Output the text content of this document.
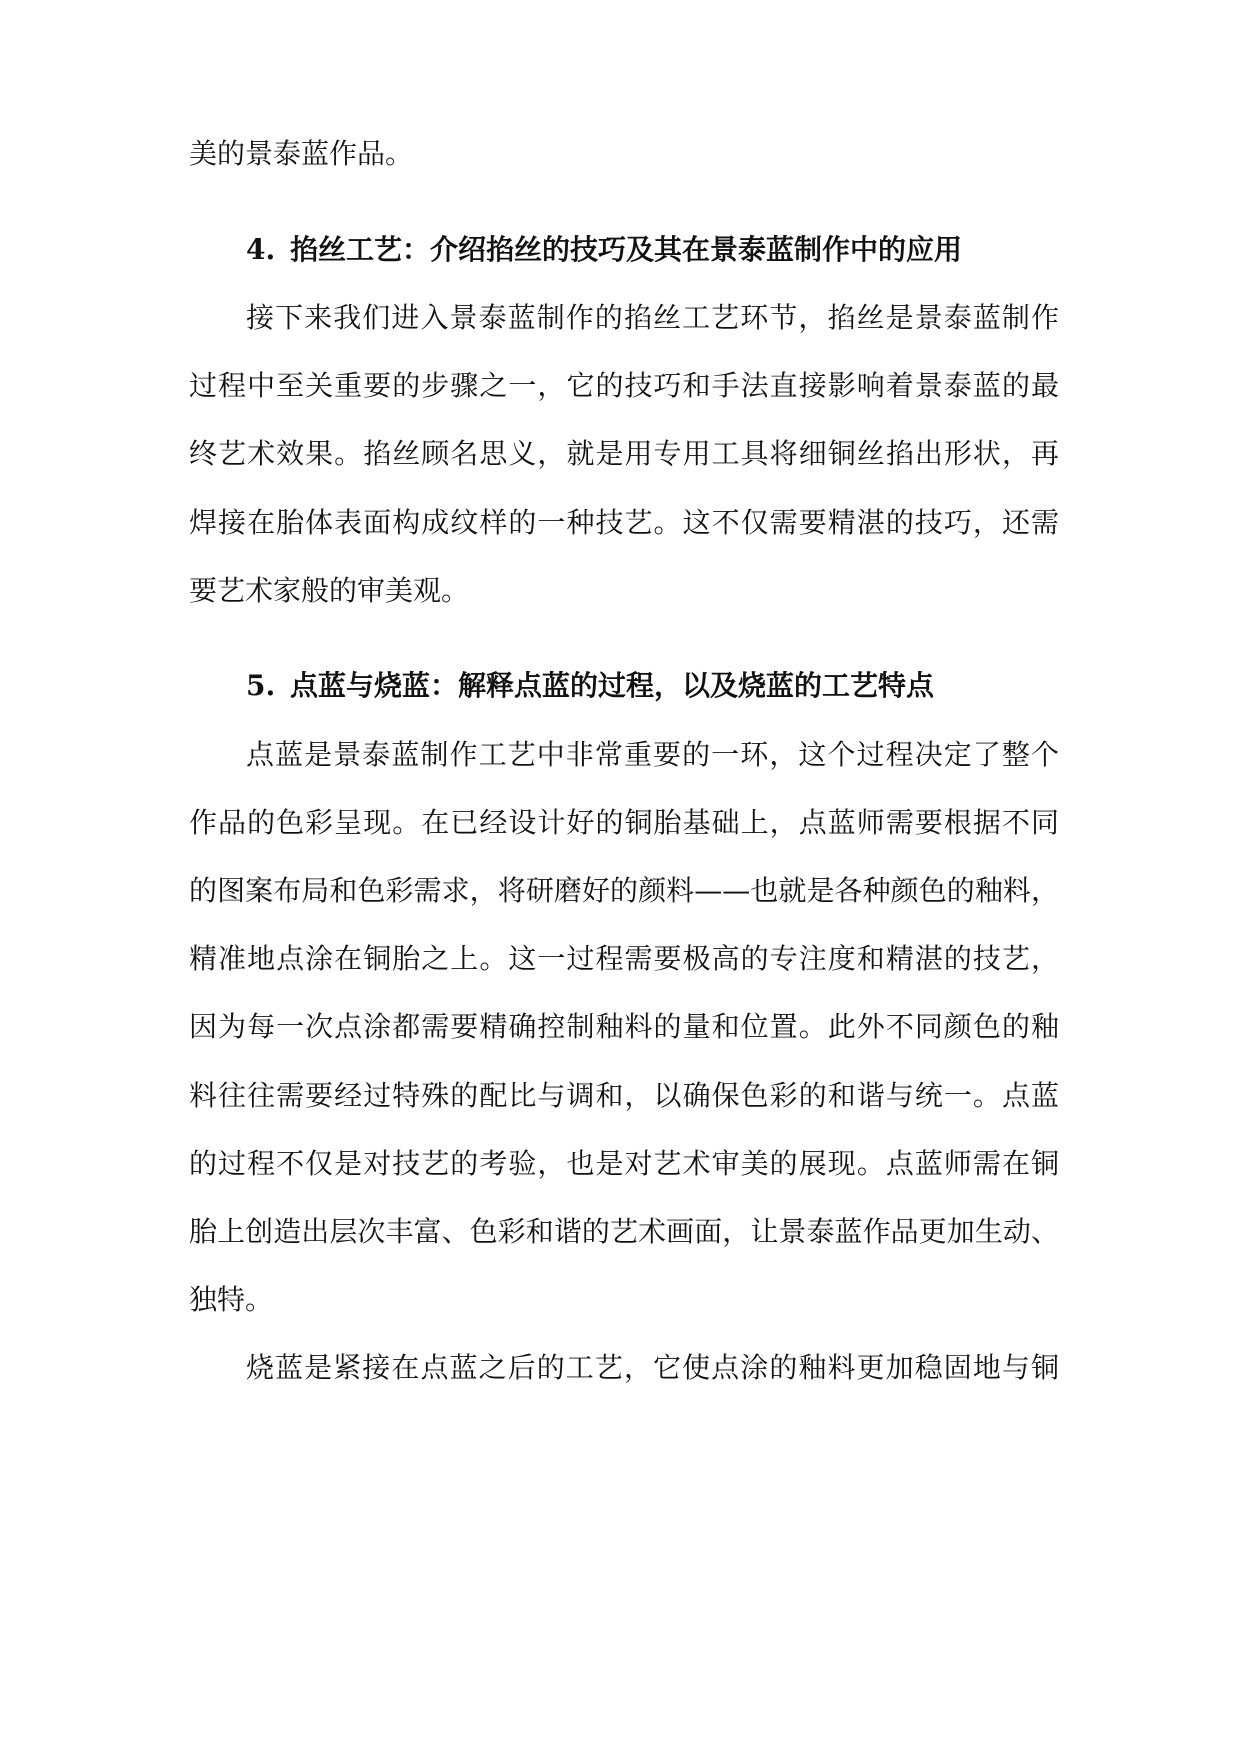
美的景泰蓝作品。
4. 掐丝工艺：介绍掐丝的技巧及其在景泰蓝制作中的应用
接下来我们进入景泰蓝制作的掐丝工艺环节，掐丝是景泰蓝制作
过程中至关重要的步骤之一，它的技巧和手法直接影响着景泰蓝的最
终艺术效果。掐丝顾名思义，就是用专用工具将细铜丝掐出形状，再
焊接在胎体表面构成纹样的一种技艺。这不仅需要精湛的技巧，还需
要艺术家般的审美观。
5. 点蓝与烧蓝：解释点蓝的过程，以及烧蓝的工艺特点
点蓝是景泰蓝制作工艺中非常重要的一环，这个过程决定了整个
作品的色彩呈现。在已经设计好的铜胎基础上，点蓝师需要根据不同
的图案布局和色彩需求，将研磨好的颜料——也就是各种颜色的釉料，
精准地点涂在铜胎之上。这一过程需要极高的专注度和精湛的技艺，
因为每一次点涂都需要精确控制釉料的量和位置。此外不同颜色的釉
料往往需要经过特殊的配比与调和，以确保色彩的和谐与统一。点蓝
的过程不仅是对技艺的考验，也是对艺术审美的展现。点蓝师需在铜
胎上创造出层次丰富、色彩和谐的艺术画面，让景泰蓝作品更加生动、
独特。
烧蓝是紧接在点蓝之后的工艺，它使点涂的釉料更加稳固地与铜
